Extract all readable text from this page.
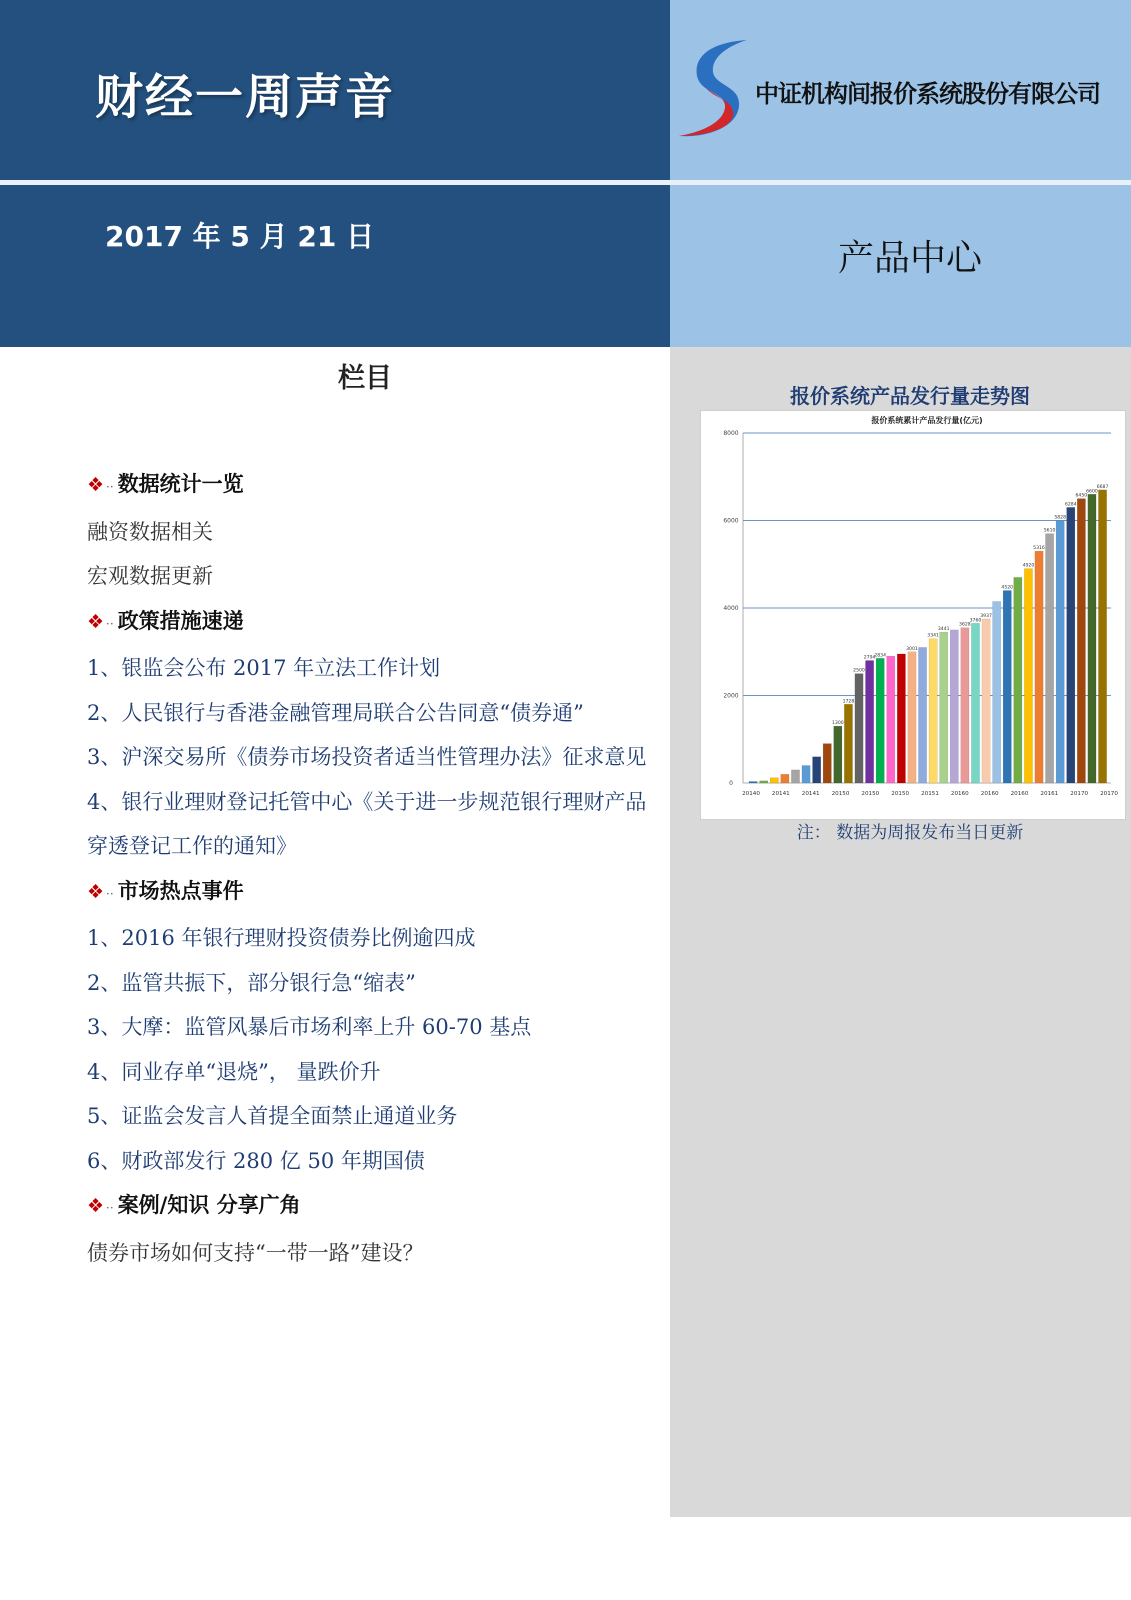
财经一周声音
2017 年 5 月 21 日
中证机构间报价系统股份有限公司
产品中心
栏目
❖ ·· 数据统计一览
融资数据相关
宏观数据更新
❖ ·· 政策措施速递
1、银监会公布 2017 年立法工作计划
2、人民银行与香港金融管理局联合公告同意“债券通”
3、沪深交易所《债券市场投资者适当性管理办法》征求意见
4、银行业理财登记托管中心《关于进一步规范银行理财产品穿透登记工作的通知》
❖ ·· 市场热点事件
1、2016 年银行理财投资债券比例逾四成
2、监管共振下，部分银行急“缩表”
3、大摩：监管风暴后市场利率上升 60-70 基点
4、同业存单“退烧”， 量跌价升
5、证监会发言人首提全面禁止通道业务
6、财政部发行 280 亿 50 年期国债
❖ ·· 案例/知识 分享广角
债券市场如何支持“一带一路”建设？
报价系统产品发行量走势图
报价系统累计产品发行量(亿元)
8000
6000
4000
2000
0
1300
1728
2500
2794
2834
3001
3341
3441
3628
3760
3937
4520
4920
5316
5610
5828
6284
6450
6600
6687
20140 20141 20141 20150 20150 20150 20151 20160 20160 20160 20161 20170 20170
注： 数据为周报发布当日更新
